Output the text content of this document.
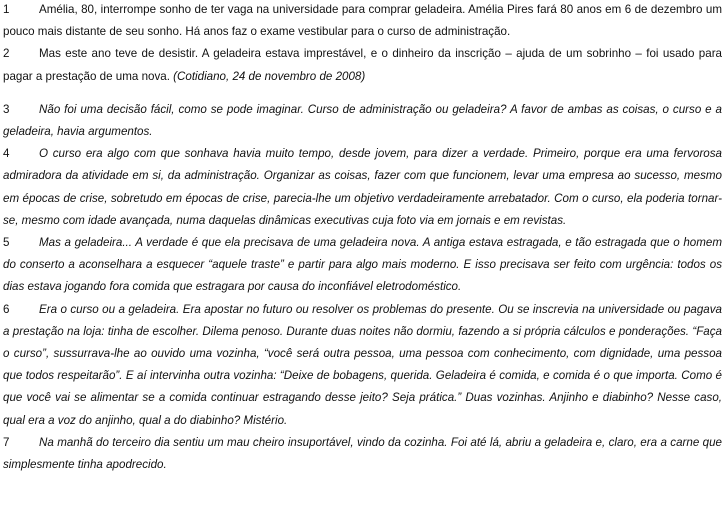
1	Amélia, 80, interrompe sonho de ter vaga na universidade para comprar geladeira. Amélia Pires fará 80 anos em 6 de dezembro um pouco mais distante de seu sonho. Há anos faz o exame vestibular para o curso de administração.

2	Mas este ano teve de desistir. A geladeira estava imprestável, e o dinheiro da inscrição – ajuda de um sobrinho – foi usado para pagar a prestação de uma nova. (Cotidiano, 24 de novembro de 2008)

3	Não foi uma decisão fácil, como se pode imaginar. Curso de administração ou geladeira? A favor de ambas as coisas, o curso e a geladeira, havia argumentos.

4	O curso era algo com que sonhava havia muito tempo, desde jovem, para dizer a verdade. Primeiro, porque era uma fervorosa admiradora da atividade em si, da administração. Organizar as coisas, fazer com que funcionem, levar uma empresa ao sucesso, mesmo em épocas de crise, sobretudo em épocas de crise, parecia-lhe um objetivo verdadeiramente arrebatador. Com o curso, ela poderia tornar-se, mesmo com idade avançada, numa daquelas dinâmicas executivas cuja foto via em jornais e em revistas.

5	Mas a geladeira... A verdade é que ela precisava de uma geladeira nova. A antiga estava estragada, e tão estragada que o homem do conserto a aconselhara a esquecer “aquele traste” e partir para algo mais moderno. E isso precisava ser feito com urgência: todos os dias estava jogando fora comida que estragara por causa do inconfiável eletrodoméstico.

6	Era o curso ou a geladeira. Era apostar no futuro ou resolver os problemas do presente. Ou se inscrevia na universidade ou pagava a prestação na loja: tinha de escolher. Dilema penoso. Durante duas noites não dormiu, fazendo a si própria cálculos e ponderações. “Faça o curso”, sussurrava-lhe ao ouvido uma vozinha, “você será outra pessoa, uma pessoa com conhecimento, com dignidade, uma pessoa que todos respeitarão”. E aí intervinha outra vozinha: “Deixe de bobagens, querida. Geladeira é comida, e comida é o que importa. Como é que você vai se alimentar se a comida continuar estragando desse jeito? Seja prática.” Duas vozinhas. Anjinho e diabinho? Nesse caso, qual era a voz do anjinho, qual a do diabinho? Mistério.

7	Na manhã do terceiro dia sentiu um mau cheiro insuportável, vindo da cozinha. Foi até lá, abriu a geladeira e, claro, era a carne que simplesmente tinha apodrecido.
